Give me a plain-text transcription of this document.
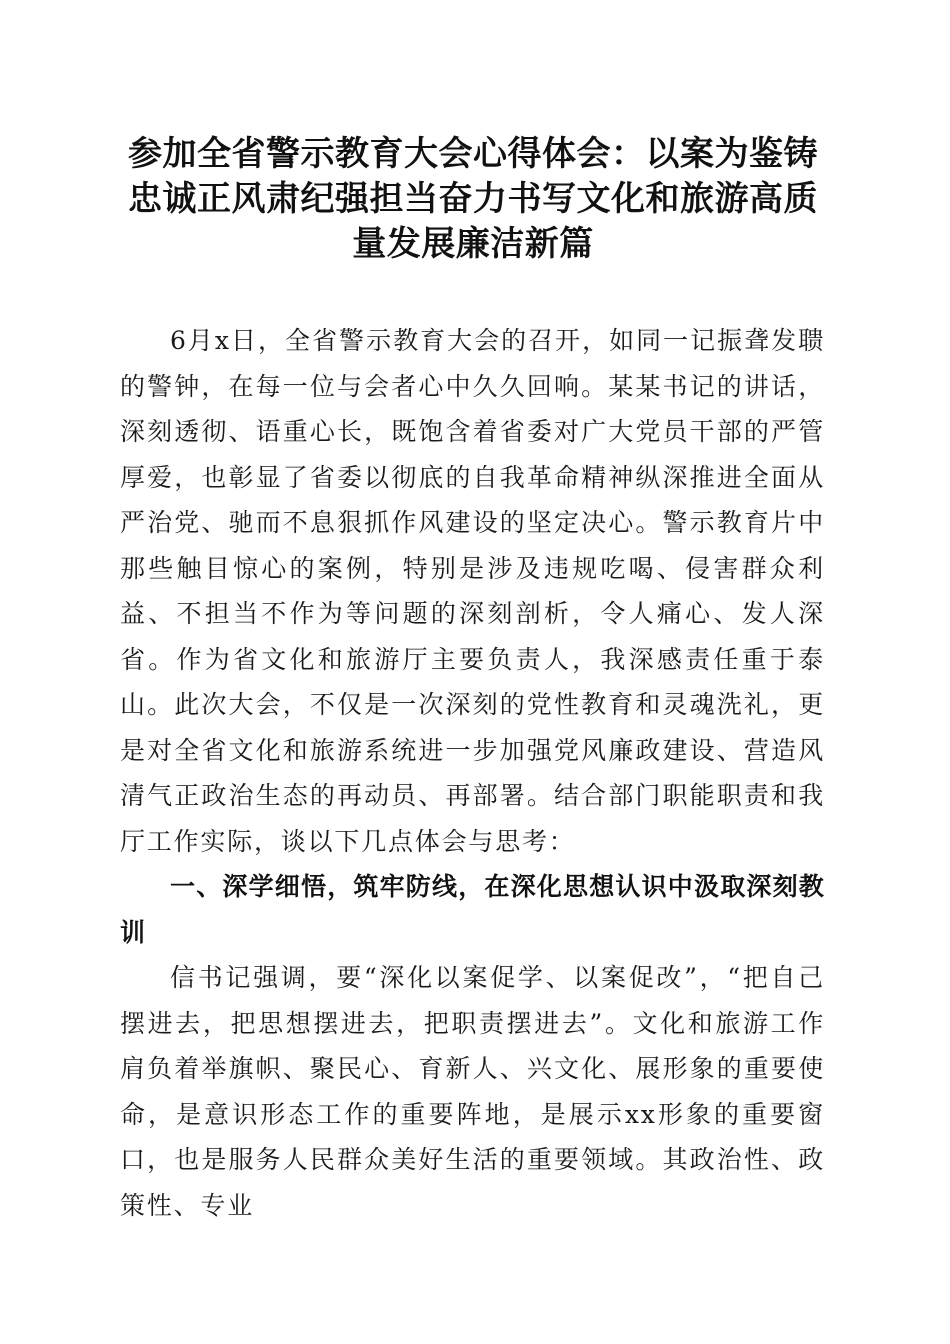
参加全省警示教育大会心得体会：以案为鉴铸忠诚正风肃纪强担当奋力书写文化和旅游高质量发展廉洁新篇

6月x日，全省警示教育大会的召开，如同一记振聋发聩的警钟，在每一位与会者心中久久回响。某某书记的讲话，深刻透彻、语重心长，既饱含着省委对广大党员干部的严管厚爱，也彰显了省委以彻底的自我革命精神纵深推进全面从严治党、驰而不息狠抓作风建设的坚定决心。警示教育片中那些触目惊心的案例，特别是涉及违规吃喝、侵害群众利益、不担当不作为等问题的深刻剖析，令人痛心、发人深省。作为省文化和旅游厅主要负责人，我深感责任重于泰山。此次大会，不仅是一次深刻的党性教育和灵魂洗礼，更是对全省文化和旅游系统进一步加强党风廉政建设、营造风清气正政治生态的再动员、再部署。结合部门职能职责和我厅工作实际，谈以下几点体会与思考：

一、深学细悟，筑牢防线，在深化思想认识中汲取深刻教训

信书记强调，要“深化以案促学、以案促改”，“把自己摆进去，把思想摆进去，把职责摆进去”。文化和旅游工作肩负着举旗帜、聚民心、育新人、兴文化、展形象的重要使命，是意识形态工作的重要阵地，是展示xx形象的重要窗口，也是服务人民群众美好生活的重要领域。其政治性、政策性、专业
